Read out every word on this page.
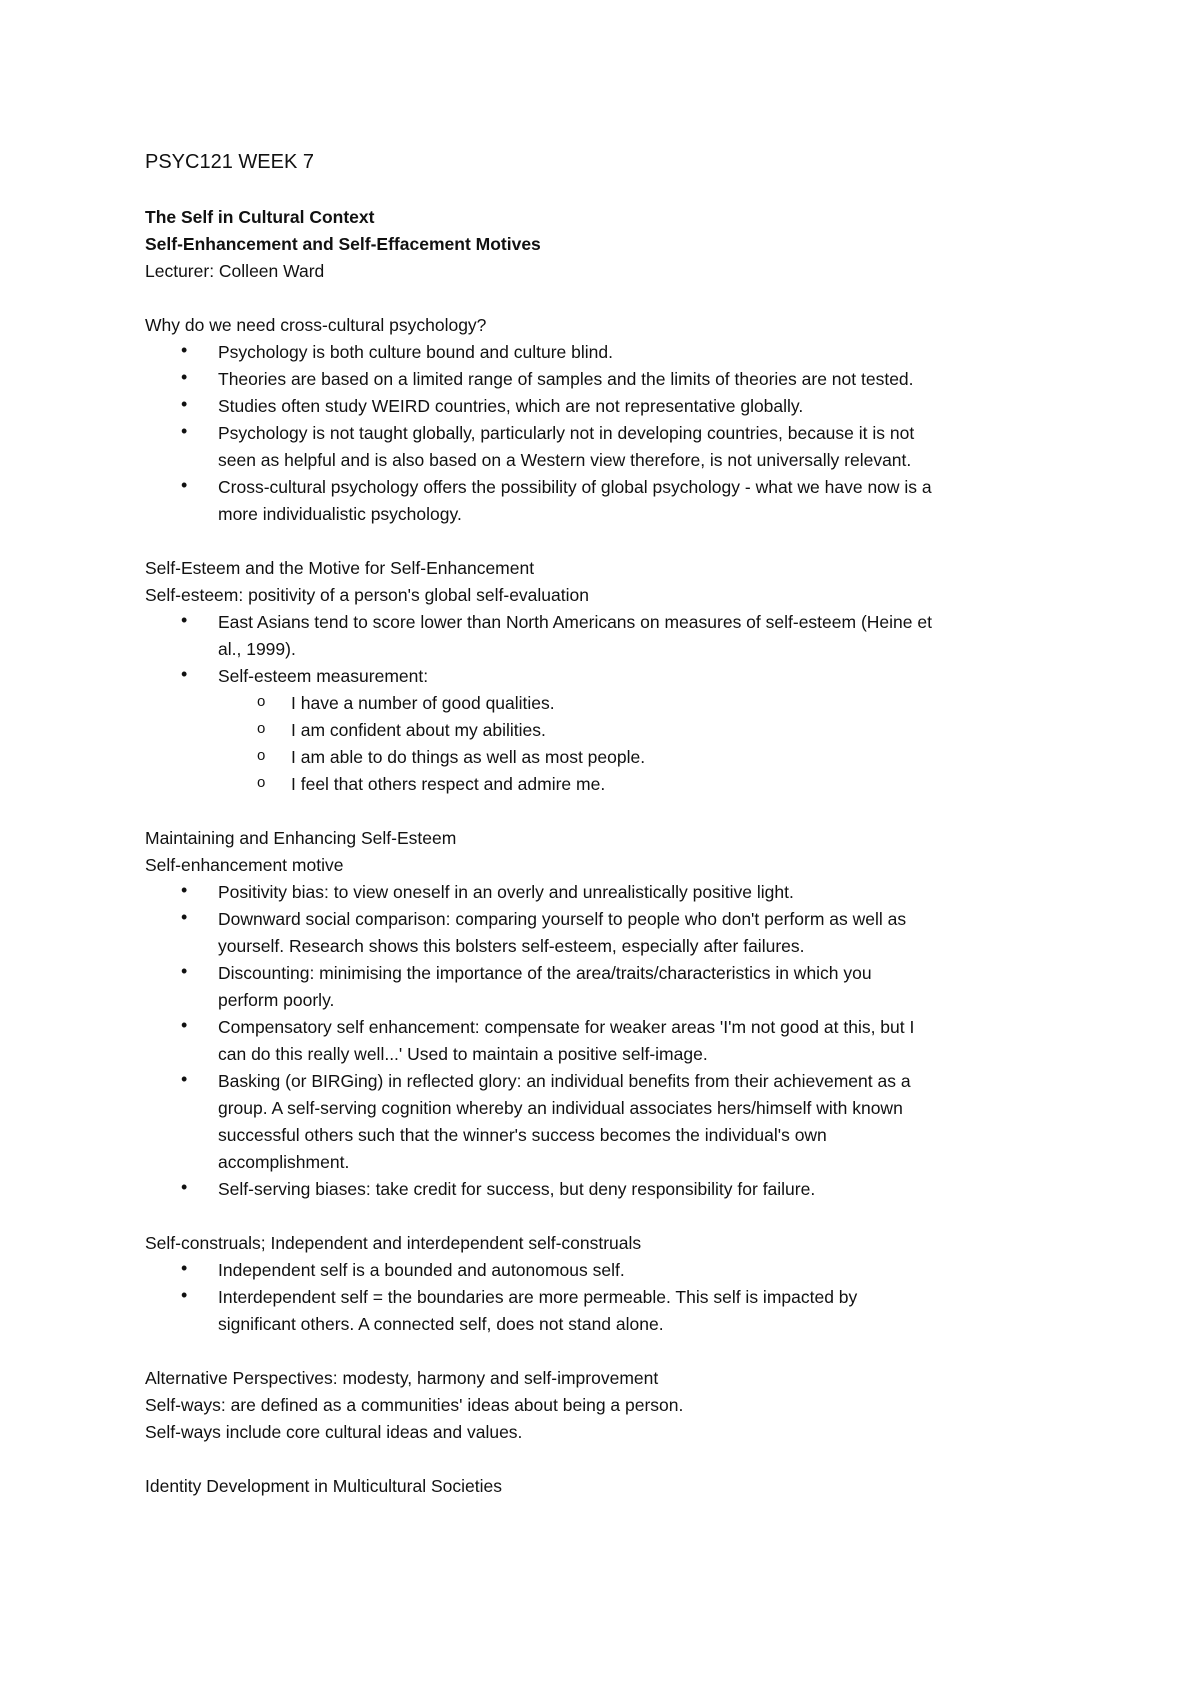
PSYC121 WEEK 7
The Self in Cultural Context
Self-Enhancement and Self-Effacement Motives
Lecturer: Colleen Ward
Why do we need cross-cultural psychology?
• Psychology is both culture bound and culture blind.
• Theories are based on a limited range of samples and the limits of theories are not tested.
• Studies often study WEIRD countries, which are not representative globally.
• Psychology is not taught globally, particularly not in developing countries, because it is not
seen as helpful and is also based on a Western view therefore, is not universally relevant.
• Cross-cultural psychology offers the possibility of global psychology - what we have now is a
more individualistic psychology.
Self-Esteem and the Motive for Self-Enhancement
Self-esteem: positivity of a person's global self-evaluation
• East Asians tend to score lower than North Americans on measures of self-esteem (Heine et
al., 1999).
• Self-esteem measurement:
o I have a number of good qualities.
o I am confident about my abilities.
o I am able to do things as well as most people.
o I feel that others respect and admire me.
Maintaining and Enhancing Self-Esteem
Self-enhancement motive
• Positivity bias: to view oneself in an overly and unrealistically positive light.
• Downward social comparison: comparing yourself to people who don't perform as well as
yourself. Research shows this bolsters self-esteem, especially after failures.
• Discounting: minimising the importance of the area/traits/characteristics in which you
perform poorly.
• Compensatory self enhancement: compensate for weaker areas 'I'm not good at this, but I
can do this really well...' Used to maintain a positive self-image.
• Basking (or BIRGing) in reflected glory: an individual benefits from their achievement as a
group. A self-serving cognition whereby an individual associates hers/himself with known
successful others such that the winner's success becomes the individual's own
accomplishment.
• Self-serving biases: take credit for success, but deny responsibility for failure.
Self-construals; Independent and interdependent self-construals
• Independent self is a bounded and autonomous self.
• Interdependent self = the boundaries are more permeable. This self is impacted by
significant others. A connected self, does not stand alone.
Alternative Perspectives: modesty, harmony and self-improvement
Self-ways: are defined as a communities' ideas about being a person.
Self-ways include core cultural ideas and values.
Identity Development in Multicultural Societies
